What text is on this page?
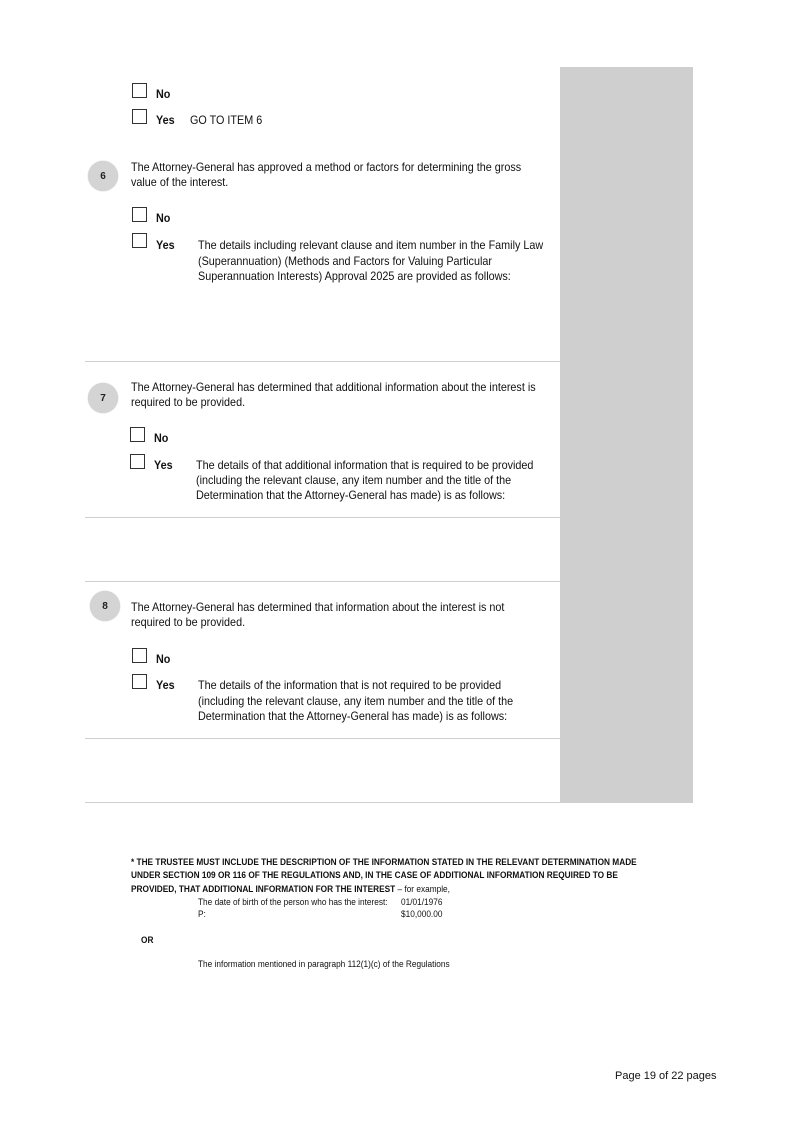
No
Yes GO TO ITEM 6
6
The Attorney-General has approved a method or factors for determining the gross
value of the interest.
No
Yes The details including relevant clause and item number in the Family Law
(Superannuation) (Methods and Factors for Valuing Particular
Superannuation Interests) Approval 2025 are provided as follows:
7
The Attorney-General has determined that additional information about the interest is
required to be provided.
No
Yes The details of that additional information that is required to be provided
(including the relevant clause, any item number and the title of the
Determination that the Attorney-General has made) is as follows:
8	The Attorney-General has determined that information about the interest is not
required to be provided.
No
Yes The details of the information that is not required to be provided
(including the relevant clause, any item number and the title of the
Determination that the Attorney-General has made) is as follows:
* THE TRUSTEE MUST INCLUDE THE DESCRIPTION OF THE INFORMATION STATED IN THE RELEVANT DETERMINATION MADE
UNDER SECTION 109 OR 116 OF THE REGULATIONS AND, IN THE CASE OF ADDITIONAL INFORMATION REQUIRED TO BE
PROVIDED, THAT ADDITIONAL INFORMATION FOR THE INTEREST – for example,
The date of birth of the person who has the interest: 01/01/1976
P:	$10,000.00
OR
The information mentioned in paragraph 112(1)(c) of the Regulations
Page 19 of 22 pages
